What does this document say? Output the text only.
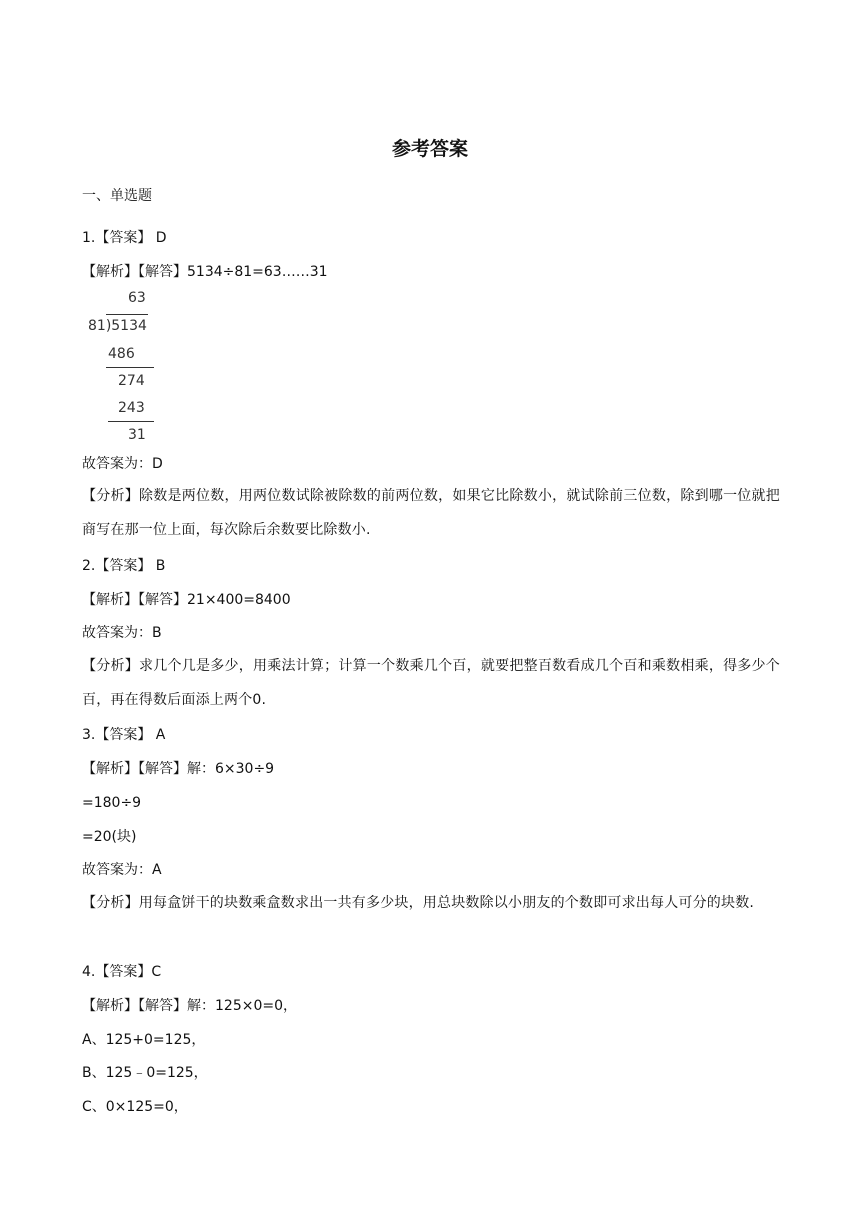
参考答案
一、单选题
1.【答案】 D
【解析】【解答】5134÷81=63……31
63
81)5134
486
274
243
31
故答案为：D
【分析】除数是两位数，用两位数试除被除数的前两位数，如果它比除数小，就试除前三位数，除到哪一位就把商写在那一位上面，每次除后余数要比除数小.
2.【答案】 B
【解析】【解答】21×400=8400
故答案为：B
【分析】求几个几是多少，用乘法计算；计算一个数乘几个百，就要把整百数看成几个百和乘数相乘，得多少个百，再在得数后面添上两个0.
3.【答案】 A
【解析】【解答】解：6×30÷9
=180÷9
=20(块)
故答案为：A
【分析】用每盒饼干的块数乘盒数求出一共有多少块，用总块数除以小朋友的个数即可求出每人可分的块数.
4.【答案】C
【解析】【解答】解：125×0=0，
A、125+0=125，
B、125﹣0=125，
C、0×125=0，
